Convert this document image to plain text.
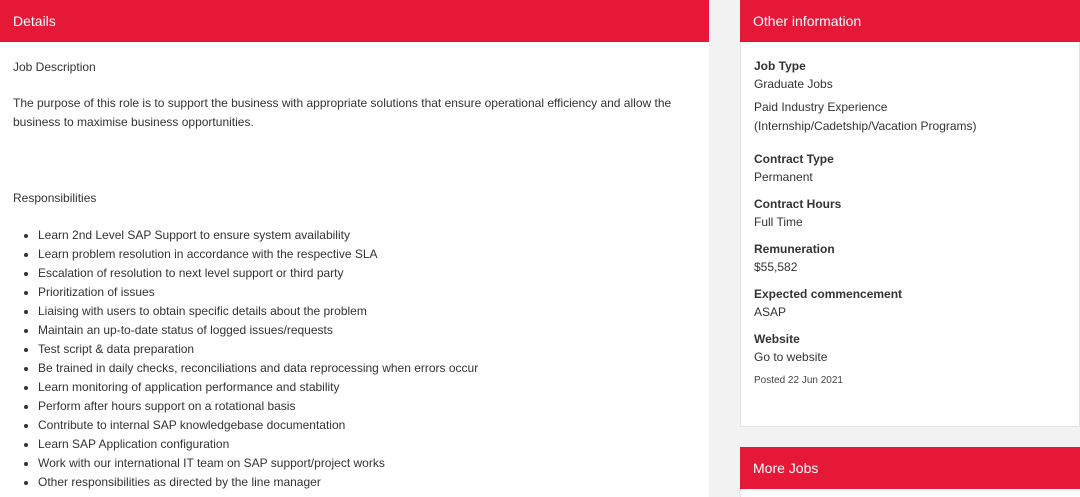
Details

Job Description

The purpose of this role is to support the business with appropriate solutions that ensure operational efficiency and allow the business to maximise business opportunities.

Responsibilities

• Learn 2nd Level SAP Support to ensure system availability
• Learn problem resolution in accordance with the respective SLA
• Escalation of resolution to next level support or third party
• Prioritization of issues
• Liaising with users to obtain specific details about the problem
• Maintain an up-to-date status of logged issues/requests
• Test script & data preparation
• Be trained in daily checks, reconciliations and data reprocessing when errors occur
• Learn monitoring of application performance and stability
• Perform after hours support on a rotational basis
• Contribute to internal SAP knowledgebase documentation
• Learn SAP Application configuration
• Work with our international IT team on SAP support/project works
• Other responsibilities as directed by the line manager
Other information
Job Type
Graduate Jobs
Paid Industry Experience (Internship/Cadetship/Vacation Programs)
Contract Type
Permanent
Contract Hours
Full Time
Remuneration
$55,582
Expected commencement
ASAP
Website
Go to website
Posted 22 Jun 2021
More Jobs
